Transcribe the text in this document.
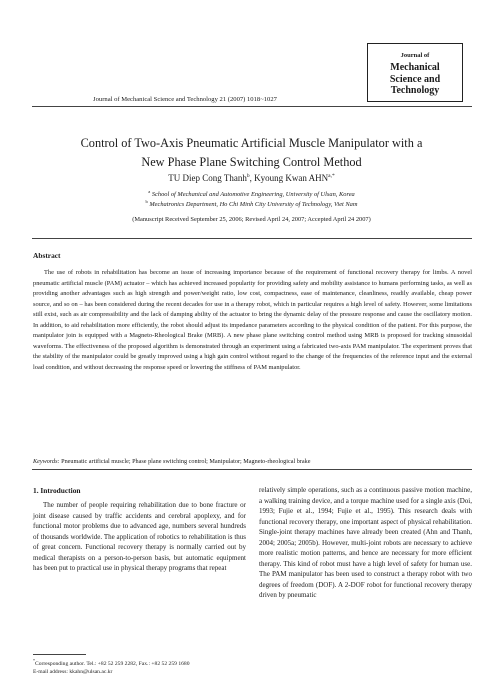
Journal of
Mechanical
Science and
Technology
Journal of Mechanical Science and Technology 21 (2007) 1018~1027
Control of Two-Axis Pneumatic Artificial Muscle Manipulator with a
New Phase Plane Switching Control Method
TU Diep Cong Thanh$^b$, Kyoung Kwan $AHN^{a,*}$
$^a$ School of Mechanical and Automotive Engineering, University of Ulsan, Korea
$^b$ Mechatronics Department, Ho Chi Minh City University of Technology, Viet Nam
(Manuscript Received September 25, 2006; Revised April 24, 2007; Accepted April 24 2007)
Abstract
The use of robots in rehabilitation has become an issue of increasing importance because of the requirement of functional recovery therapy for limbs. A novel pneumatic artificial muscle (PAM) actuator – which has achieved increased popularity for providing safety and mobility assistance to humans performing tasks, as well as providing another advantages such as high strength and power/weight ratio, low cost, compactness, ease of maintenance, cleanliness, readily available, cheap power source, and so on – has been considered during the recent decades for use in a therapy robot, which in particular requires a high level of safety. However, some limitations still exist, such as air compressibility and the lack of damping ability of the actuator to bring the dynamic delay of the pressure response and cause the oscillatory motion. In addition, to aid rehabilitation more efficiently, the robot should adjust its impedance parameters according to the physical condition of the patient. For this purpose, the manipulator join is equipped with a Magneto-Rheological Brake (MRB). A new phase plane switching control method using MRB is proposed for tracking sinusoidal waveforms. The effectiveness of the proposed algorithm is demonstrated through an experiment using a fabricated two-axis PAM manipulator. The experiment proves that the stability of the manipulator could be greatly improved using a high gain control without regard to the change of the frequencies of the reference input and the external load condition, and without decreasing the response speed or lowering the stiffness of PAM manipulator.
Keywords: Pneumatic artificial muscle; Phase plane switching control; Manipulator; Magneto-rheological brake
1. Introduction
The number of people requiring rehabilitation due to bone fracture or joint disease caused by traffic accidents and cerebral apoplexy, and for functional motor problems due to advanced age, numbers several hundreds of thousands worldwide. The application of robotics to rehabilitation is thus of great concern. Functional recovery therapy is normally carried out by medical therapists on a person-to-person basis, but automatic equipment has been put to practical use in physical therapy programs that repeat
relatively simple operations, such as a continuous passive motion machine, a walking training device, and a torque machine used for a single axis (Doi, 1993; Fujie et al., 1994; Fujie et al., 1995). This research deals with functional recovery therapy, one important aspect of physical rehabilitation. Single-joint therapy machines have already been created (Ahn and Thanh, 2004; 2005a; 2005b). However, multi-joint robots are necessary to achieve more realistic motion patterns, and hence are necessary for more efficient therapy. This kind of robot must have a high level of safety for human use. The PAM manipulator has been used to construct a therapy robot with two degrees of freedom (DOF). A 2-DOF robot for functional recovery therapy driven by pneumatic
*Corresponding author. Tel.: +82 52 259 2282, Fax.: +82 52 259 1680
E-mail address: kkahn@ulsan.ac.kr
